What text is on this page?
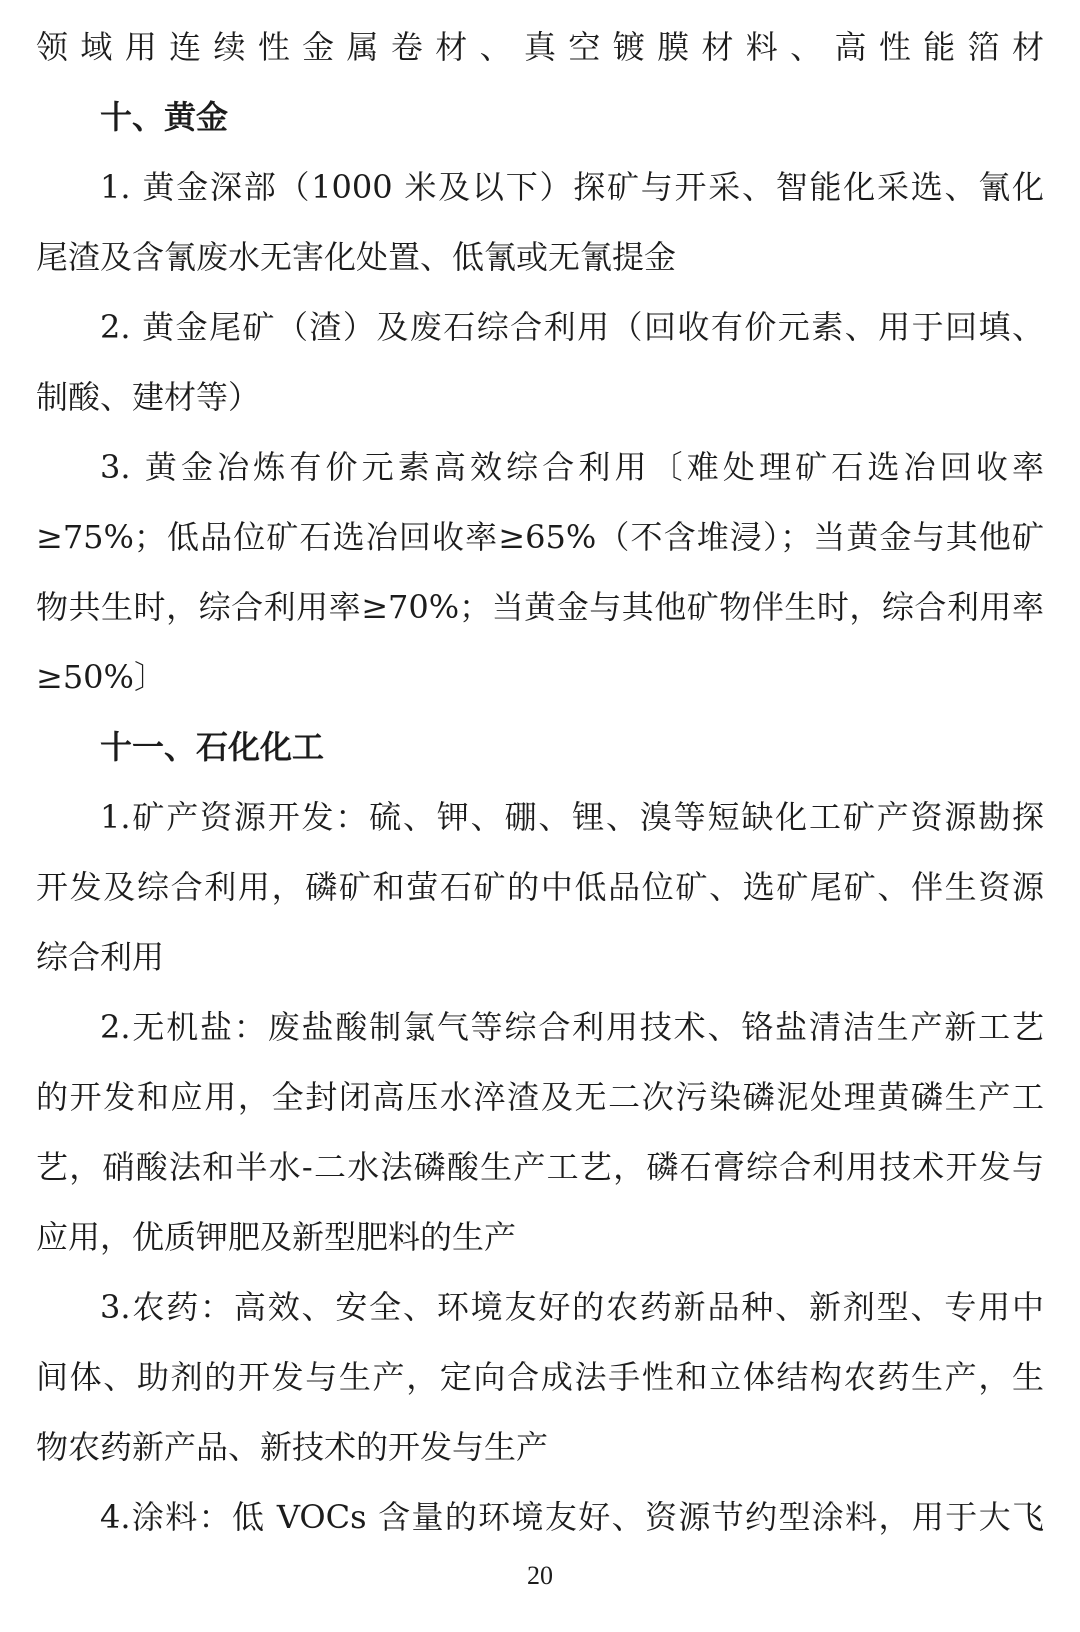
领域用连续性金属卷材、真空镀膜材料、高性能箔材
十、黄金
1. 黄金深部（1000 米及以下）探矿与开采、智能化采选、氰化
尾渣及含氰废水无害化处置、低氰或无氰提金
2. 黄金尾矿（渣）及废石综合利用（回收有价元素、用于回填、
制酸、建材等）
3. 黄金冶炼有价元素高效综合利用〔难处理矿石选冶回收率
≥75%；低品位矿石选冶回收率≥65%（不含堆浸）；当黄金与其他矿
物共生时，综合利用率≥70%；当黄金与其他矿物伴生时，综合利用率
≥50%〕
十一、石化化工
1.矿产资源开发：硫、钾、硼、锂、溴等短缺化工矿产资源勘探
开发及综合利用，磷矿和萤石矿的中低品位矿、选矿尾矿、伴生资源
综合利用
2.无机盐：废盐酸制氯气等综合利用技术、铬盐清洁生产新工艺
的开发和应用，全封闭高压水淬渣及无二次污染磷泥处理黄磷生产工
艺，硝酸法和半水-二水法磷酸生产工艺，磷石膏综合利用技术开发与
应用，优质钾肥及新型肥料的生产
3.农药：高效、安全、环境友好的农药新品种、新剂型、专用中
间体、助剂的开发与生产，定向合成法手性和立体结构农药生产，生
物农药新产品、新技术的开发与生产
4.涂料：低 VOCs 含量的环境友好、资源节约型涂料，用于大飞
20
